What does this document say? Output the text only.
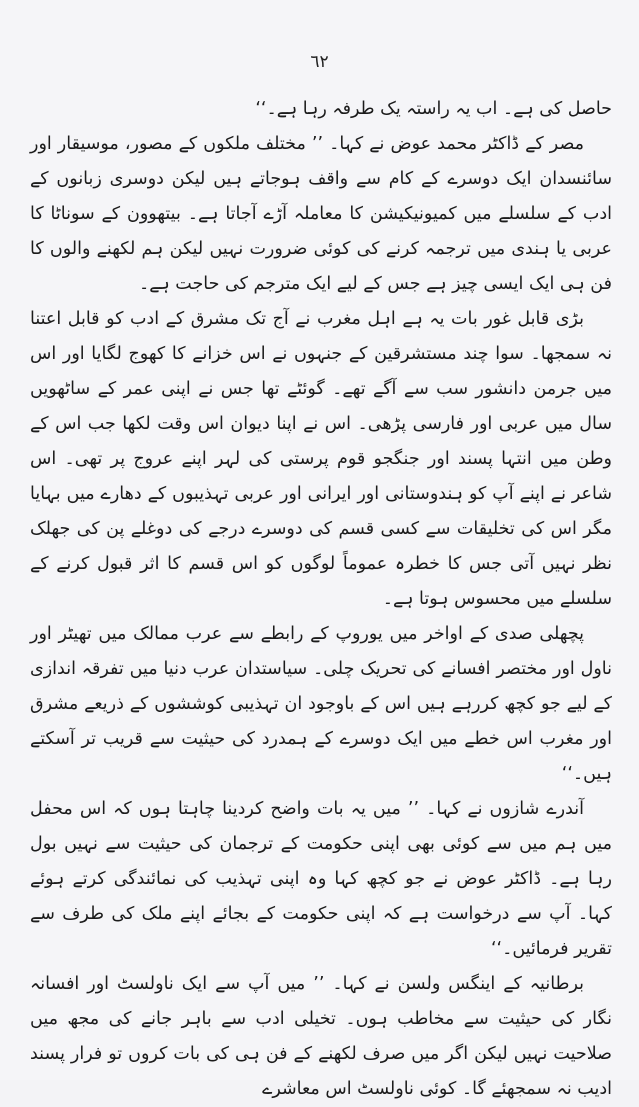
٦٢

حاصل کی ہے۔ اب یہ راستہ یک طرفہ رہا ہے۔‘‘

مصر کے ڈاکٹر محمد عوض نے کہا۔ ’’ مختلف ملکوں کے مصور، موسیقار اور سائنسدان ایک دوسرے کے کام سے واقف ہوجاتے ہیں لیکن دوسری زبانوں کے ادب کے سلسلے میں کمیونیکیشن کا معاملہ آڑے آجاتا ہے۔ بیتھوون کے سوناٹا کا عربی یا ہندی میں ترجمہ کرنے کی کوئی ضرورت نہیں لیکن ہم لکھنے والوں کا فن ہی ایک ایسی چیز ہے جس کے لیے ایک مترجم کی حاجت ہے۔

بڑی قابل غور بات یہ ہے اہل مغرب نے آج تک مشرق کے ادب کو قابل اعتنا نہ سمجھا۔ سوا چند مستشرقین کے جنہوں نے اس خزانے کا کھوج لگایا اور اس میں جرمن دانشور سب سے آگے تھے۔ گوئٹے تھا جس نے اپنی عمر کے ساٹھویں سال میں عربی اور فارسی پڑھی۔ اس نے اپنا دیوان اس وقت لکھا جب اس کے وطن میں انتہا پسند اور جنگجو قوم پرستی کی لہر اپنے عروج پر تھی۔ اس شاعر نے اپنے آپ کو ہندوستانی اور ایرانی اور عربی تہذیبوں کے دھارے میں بہایا مگر اس کی تخلیقات سے کسی قسم کی دوسرے درجے کی دوغلے پن کی جھلک نظر نہیں آتی جس کا خطرہ عموماً لوگوں کو اس قسم کا اثر قبول کرنے کے سلسلے میں محسوس ہوتا ہے۔

پچھلی صدی کے اواخر میں یوروپ کے رابطے سے عرب ممالک میں تھیٹر اور ناول اور مختصر افسانے کی تحریک چلی۔ سیاستدان عرب دنیا میں تفرقہ اندازی کے لیے جو کچھ کررہے ہیں اس کے باوجود ان تہذیبی کوششوں کے ذریعے مشرق اور مغرب اس خطے میں ایک دوسرے کے ہمدرد کی حیثیت سے قریب تر آسکتے ہیں۔‘‘

آندرے شازوں نے کہا۔ ’’ میں یہ بات واضح کردینا چاہتا ہوں کہ اس محفل میں ہم میں سے کوئی بھی اپنی حکومت کے ترجمان کی حیثیت سے نہیں بول رہا ہے۔ ڈاکٹر عوض نے جو کچھ کہا وہ اپنی تہذیب کی نمائندگی کرتے ہوئے کہا۔ آپ سے درخواست ہے کہ اپنی حکومت کے بجائے اپنے ملک کی طرف سے تقریر فرمائیں۔‘‘

برطانیہ کے اینگس ولسن نے کہا۔ ’’ میں آپ سے ایک ناولسٹ اور افسانہ نگار کی حیثیت سے مخاطب ہوں۔ تخیلی ادب سے باہر جانے کی مجھ میں صلاحیت نہیں لیکن اگر میں صرف لکھنے کے فن ہی کی بات کروں تو فرار پسند ادیب نہ سمجھئے گا۔ کوئی ناولسٹ اس معاشرے
